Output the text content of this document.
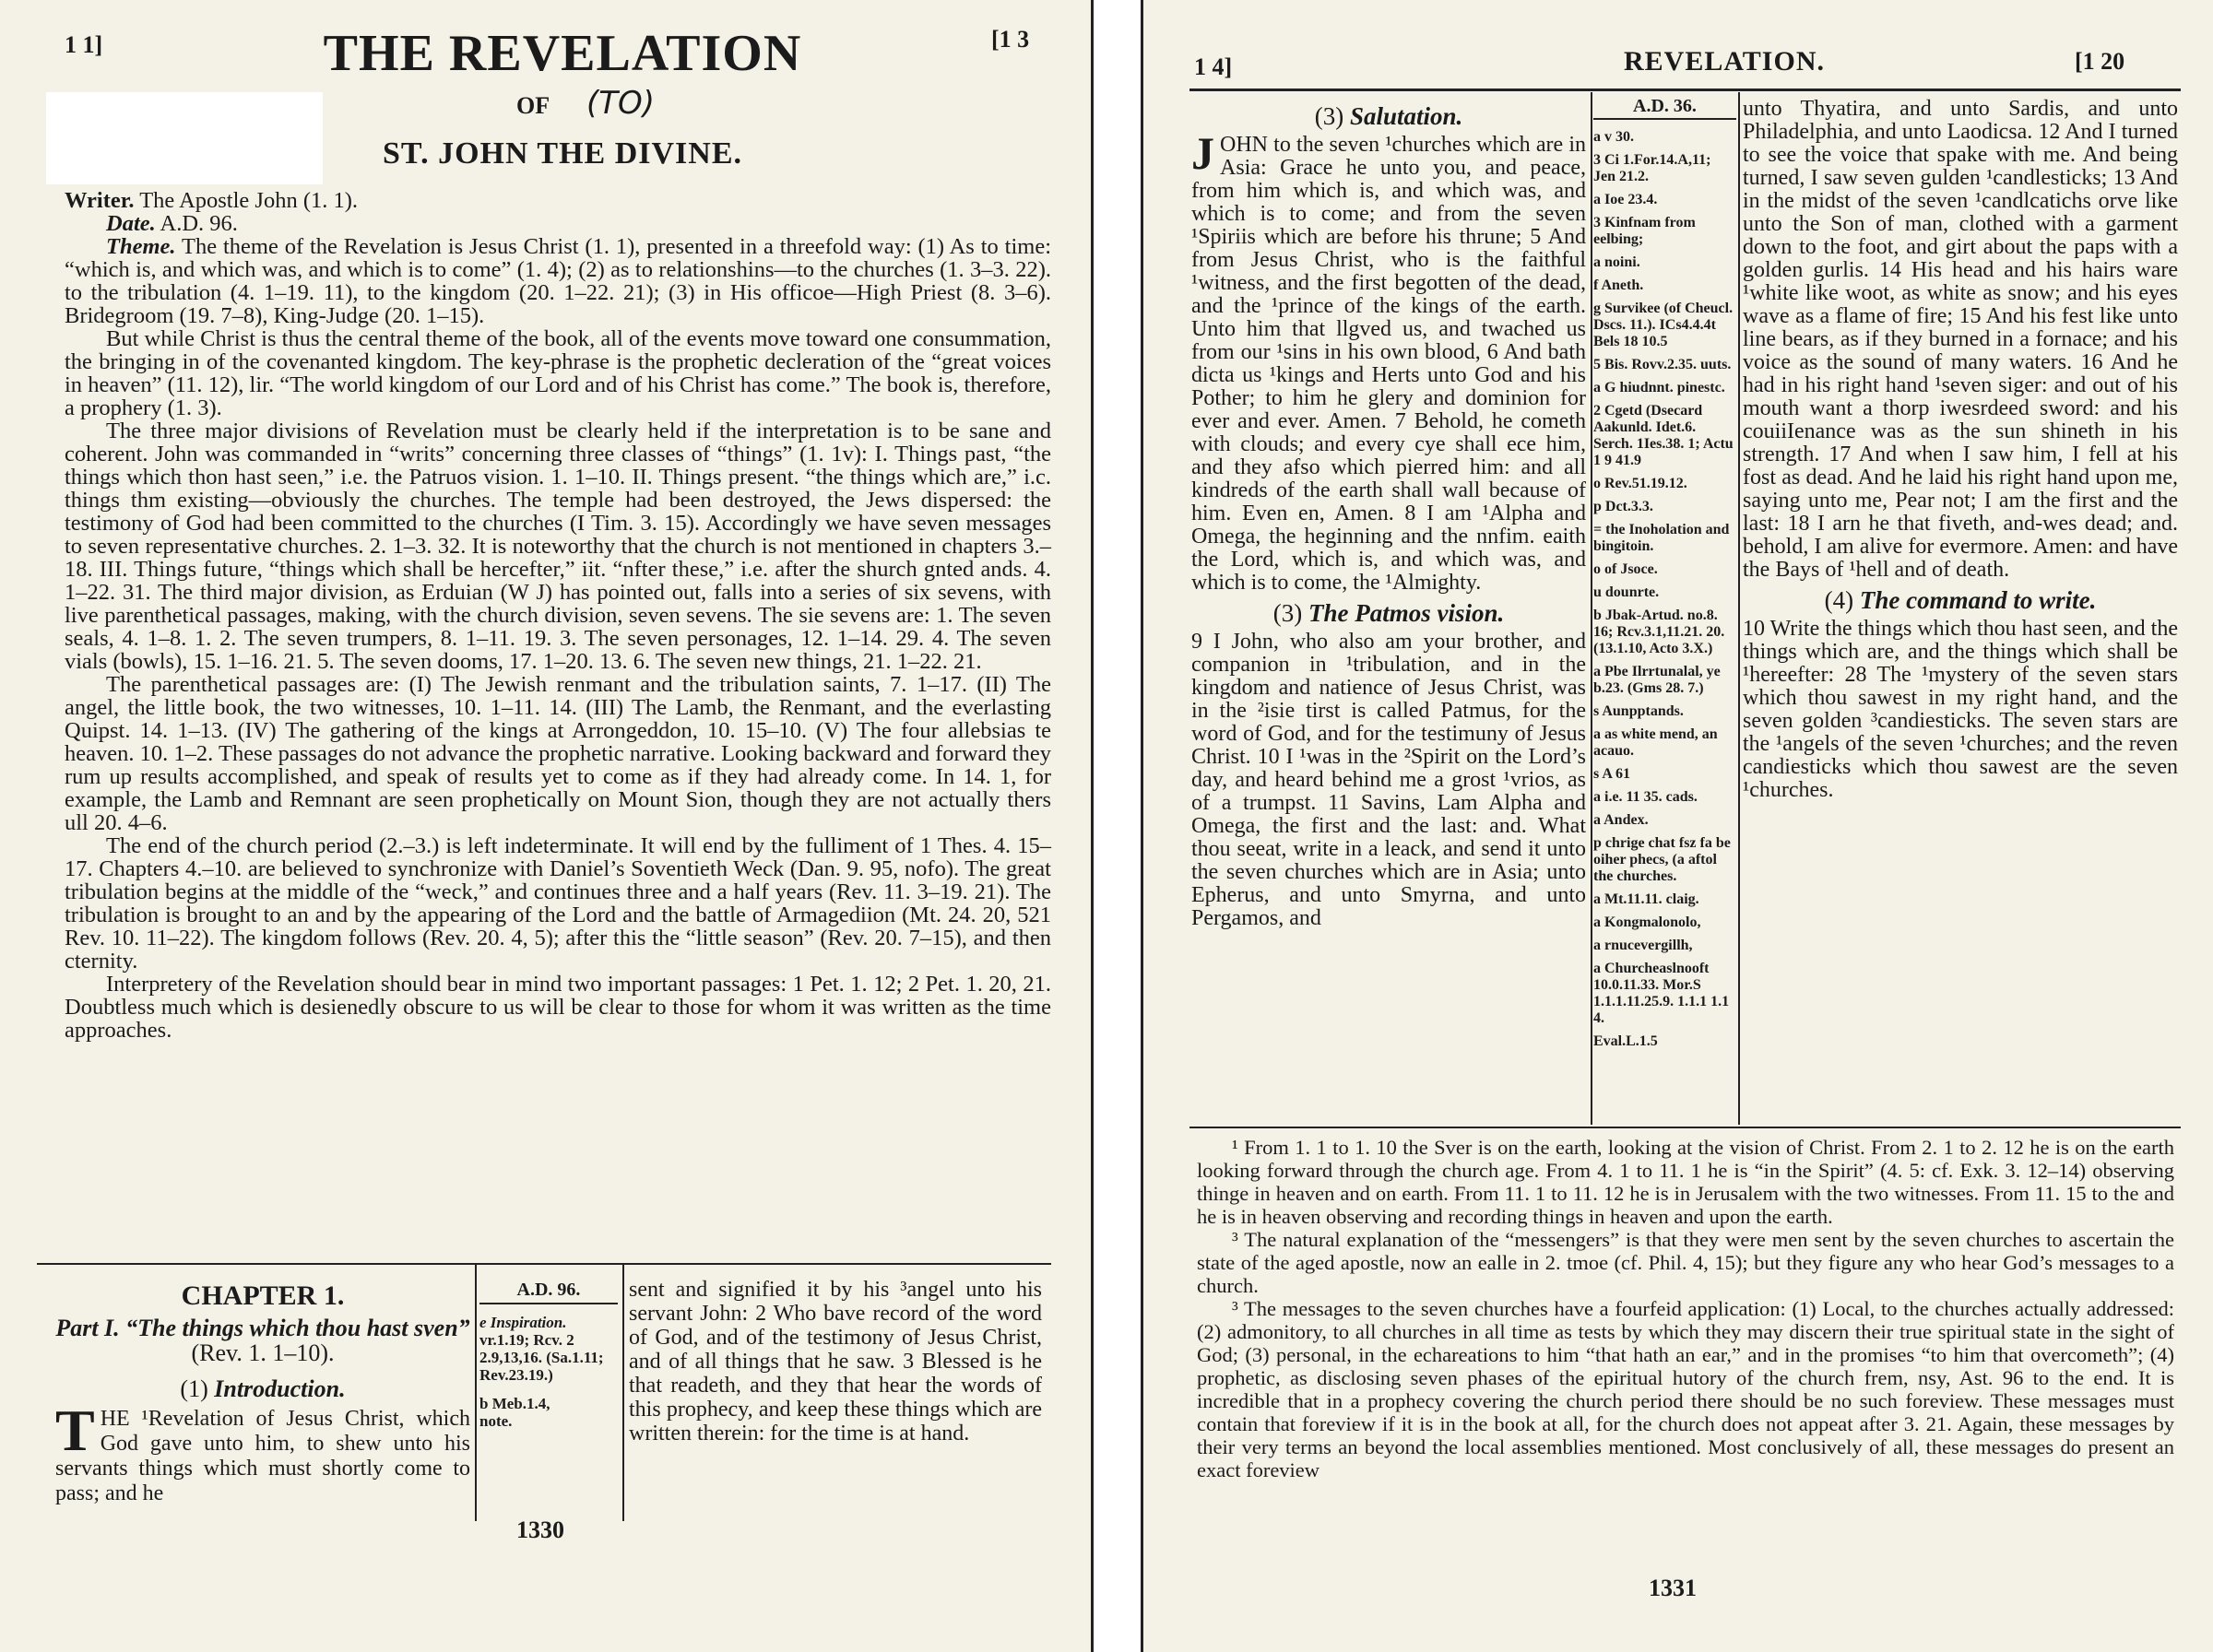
1 1]	[1 3
THE REVELATION
OF (TO)
ST. JOHN THE DIVINE.

Writer. The Apostle John (1. 1).

Date. A.D. 96.

Theme. The theme of the Revelation is Jesus Christ (1. 1), presented in a threefold way: (1) As to time: “which is, and which was, and which is to come” (1. 4); (2) as to relationshins—to the churches (1. 3–3. 22). to the tribulation (4. 1–19. 11), to the kingdom (20. 1–22. 21); (3) in His officoe—High Priest (8. 3–6). Bridegroom (19. 7–8), King-Judge (20. 1–15).

But while Christ is thus the central theme of the book, all of the events move toward one consummation, the bringing in of the covenanted kingdom. The key-phrase is the prophetic decleration of the “great voices in heaven” (11. 12), lir. “The world kingdom of our Lord and of his Christ has come.” The book is, therefore, a prophery (1. 3).

The three major divisions of Revelation must be clearly held if the interpretation is to be sane and coherent. John was commanded in “writs” concerning three classes of “things” (1. 1v): I. Things past, “the things which thon hast seen,” i.e. the Patruos vision. 1. 1–10. II. Things present. “the things which are,” i.c. things thm existing—obviously the churches. The temple had been destroyed, the Jews dispersed: the testimony of God had been committed to the churches (I Tim. 3. 15). Accordingly we have seven messages to seven representative churches. 2. 1–3. 32. It is noteworthy that the church is not mentioned in chapters 3.–18. III. Things future, “things which shall be hercefter,” iit. “nfter these,” i.e. after the shurch gnted ands. 4. 1–22. 31. The third major division, as Erduian (W J) has pointed out, falls into a series of six sevens, with live parenthetical passages, making, with the church division, seven sevens. The sie sevens are: 1. The seven seals, 4. 1–8. 1. 2. The seven trumpers, 8. 1–11. 19. 3. The seven personages, 12. 1–14. 29. 4. The seven vials (bowls), 15. 1–16. 21. 5. The seven dooms, 17. 1–20. 13. 6. The seven new things, 21. 1–22. 21.

The parenthetical passages are: (I) The Jewish renmant and the tribulation saints, 7. 1–17. (II) The angel, the little book, the two witnesses, 10. 1–11. 14. (III) The Lamb, the Renmant, and the everlasting Quipst. 14. 1–13. (IV) The gathering of the kings at Arrongeddon, 10. 15–10. (V) The four allebsias te heaven. 10. 1–2. These passages do not advance the prophetic narrative. Looking backward and forward they rum up results accomplished, and speak of results yet to come as if they had already come. In 14. 1, for example, the Lamb and Remnant are seen prophetically on Mount Sion, though they are not actually thers ull 20. 4–6.

The end of the church period (2.–3.) is left indeterminate. It will end by the fulliment of 1 Thes. 4. 15–17. Chapters 4.–10. are believed to synchronize with Daniel’s Soventieth Weck (Dan. 9. 95, nofo). The great tribulation begins at the middle of the “weck,” and continues three and a half years (Rev. 11. 3–19. 21). The tribulation is brought to an and by the appearing of the Lord and the battle of Armagediion (Mt. 24. 20, 521 Rev. 10. 11–22). The kingdom follows (Rev. 20. 4, 5); after this the “little season” (Rev. 20. 7–15), and then cternity.

Interpretery of the Revelation should bear in mind two important passages: 1 Pet. 1. 12; 2 Pet. 1. 20, 21. Doubtless much which is desienedly obscure to us will be clear to those for whom it was written as the time approaches.

CHAPTER 1.
Part I. “The things which thou hast sven” (Rev. 1. 1–10).
(1) Introduction.
T HE ¹Revelation of Jesus Christ, which God gave unto him, to shew unto his servants things which must shortly come to pass; and he
A.D. 96.
e Inspiration.
vr.1.19; Rcv. 2 2.9,13,16. (Sa.1.11; Rev.23.19.)
b Meb.1.4,
note.
sent and signified it by his ³angel unto his servant John: 2 Who bave record of the word of God, and of the testimony of Jesus Christ, and of all things that he saw. 3 Blessed is he that readeth, and they that hear the words of this prophecy, and keep these things which are written therein: for the time is at hand.
1330
1 4]	[1 20
REVELATION.
(3) Salutation.
J OHN to the seven ¹churches which are in Asia: Grace he unto you, and peace, from him which is, and which was, and which is to come; and from the seven ¹Spiriis which are before his thrune; 5 And from Jesus Christ, who is the faithful ¹witness, and the first begotten of the dead, and the ¹prince of the kings of the earth. Unto him that llgved us, and twached us from our ¹sins in his own blood, 6 And bath dicta us ¹kings and Herts unto God and his Pother; to him he glery and dominion for ever and ever. Amen. 7 Behold, he cometh with clouds; and every cye shall ece him, and they afso which pierred him: and all kindreds of the earth shall wall because of him. Even en, Amen. 8 I am ¹Alpha and Omega, the heginning and the nnfim. eaith the Lord, which is, and which was, and which is to come, the ¹Almighty.
(3) The Patmos vision.
9 I John, who also am your brother, and companion in ¹tribulation, and in the kingdom and natience of Jesus Christ, was in the ²isie tirst is called Patmus, for the word of God, and for the testimuny of Jesus Christ. 10 I ¹was in the ²Spirit on the Lord’s day, and heard behind me a grost ¹vrios, as of a trumpst. 11 Savins, Lam Alpha and Omega, the first and the last: and. What thou seeat, write in a leack, and send it unto the seven churches which are in Asia; unto Epherus, and unto Smyrna, and unto Pergamos, and
A.D. 36.
a v 30.
3 Ci 1.For.14.A,11; Jen 21.2.
a Ioe 23.4.
3 Kinfnam from eelbing;
a noini.
f Aneth.
g Survikee (of Cheucl. Dscs. 11.). ICs4.4.4t Bels 18 10.5
5 Bis. Rovv.2.35. uuts.
a G hiudnnt. pinestc.
2 Cgetd (Dsecard Aakunld. Idet.6. Serch. 1Ies.38. 1; Actu 1 9 41.9
o Rev.51.19.12.
p Dct.3.3.
= the Inoholation and bingitoin.
o of Jsoce.
u dounrte.
b Jbak-Artud. no.8. 16; Rcv.3.1,11.21. 20. (13.1.10, Acto 3.X.)
a Pbe Ilrrtunalal, ye b.23. (Gms 28. 7.)
s Aunpptands.
a as white mend, an acauo.
s A 61
a i.e. 11 35. cads.
a Andex.
p chrige chat fsz fa be oiher phecs, (a aftol the churches.
a Mt.11.11. claig.
a Kongmalonolo,
a rnucevergillh,
a Churcheaslnooft 10.0.11.33. Mor.S 1.1.1.11.25.9. 1.1.1 1.1 4.
Eval.L.1.5
unto Thyatira, and unto Sardis, and unto Philadelphia, and unto Laodicsa. 12 And I turned to see the voice that spake with me. And being turned, I saw seven gulden ¹candlesticks; 13 And in the midst of the seven ¹candlcatichs orve like unto the Son of man, clothed with a garment down to the foot, and girt about the paps with a golden gurlis. 14 His head and his hairs ware ¹white like woot, as white as snow; and his eyes wave as a flame of fire; 15 And his fest like unto line bears, as if they burned in a fornace; and his voice as the sound of many waters. 16 And he had in his right hand ¹seven siger: and out of his mouth want a thorp iwesrdeed sword: and his couiiIenance was as the sun shineth in his strength. 17 And when I saw him, I fell at his fost as dead. And he laid his right hand upon me, saying unto me, Pear not; I am the first and the last: 18 I arn he that fiveth, and-wes dead; and. behold, I am alive for evermore. Amen: and have the Bays of ¹hell and of death.
(4) The command to write.
10 Write the things which thou hast seen, and the things which are, and the things which shall be ¹hereefter: 28 The ¹mystery of the seven stars which thou sawest in my right hand, and the seven golden ³candiesticks. The seven stars are the ¹angels of the seven ¹churches; and the reven candiesticks which thou sawest are the seven ¹churches.

¹ From 1. 1 to 1. 10 the Sver is on the earth, looking at the vision of Christ. From 2. 1 to 2. 12 he is on the earth looking forward through the church age. From 4. 1 to 11. 1 he is “in the Spirit” (4. 5: cf. Exk. 3. 12–14) observing thinge in heaven and on earth. From 11. 1 to 11. 12 he is in Jerusalem with the two witnesses. From 11. 15 to the and he is in heaven observing and recording things in heaven and upon the earth.

³ The natural explanation of the “messengers” is that they were men sent by the seven churches to ascertain the state of the aged apostle, now an ealle in 2. tmoe (cf. Phil. 4, 15); but they figure any who hear God’s messages to a church.

³ The messages to the seven churches have a fourfeid application: (1) Local, to the churches actually addressed: (2) admonitory, to all churches in all time as tests by which they may discern their true spiritual state in the sight of God; (3) personal, in the echareations to him “that hath an ear,” and in the promises “to him that overcometh”; (4) prophetic, as disclosing seven phases of the epiritual hutory of the church frem, nsy, Ast. 96 to the end. It is incredible that in a prophecy covering the church period there should be no such foreview. These messages must contain that foreview if it is in the book at all, for the church does not appeat after 3. 21. Again, these messages by their very terms an beyond the local assemblies mentioned. Most conclusively of all, these messages do present an exact foreview

1331
